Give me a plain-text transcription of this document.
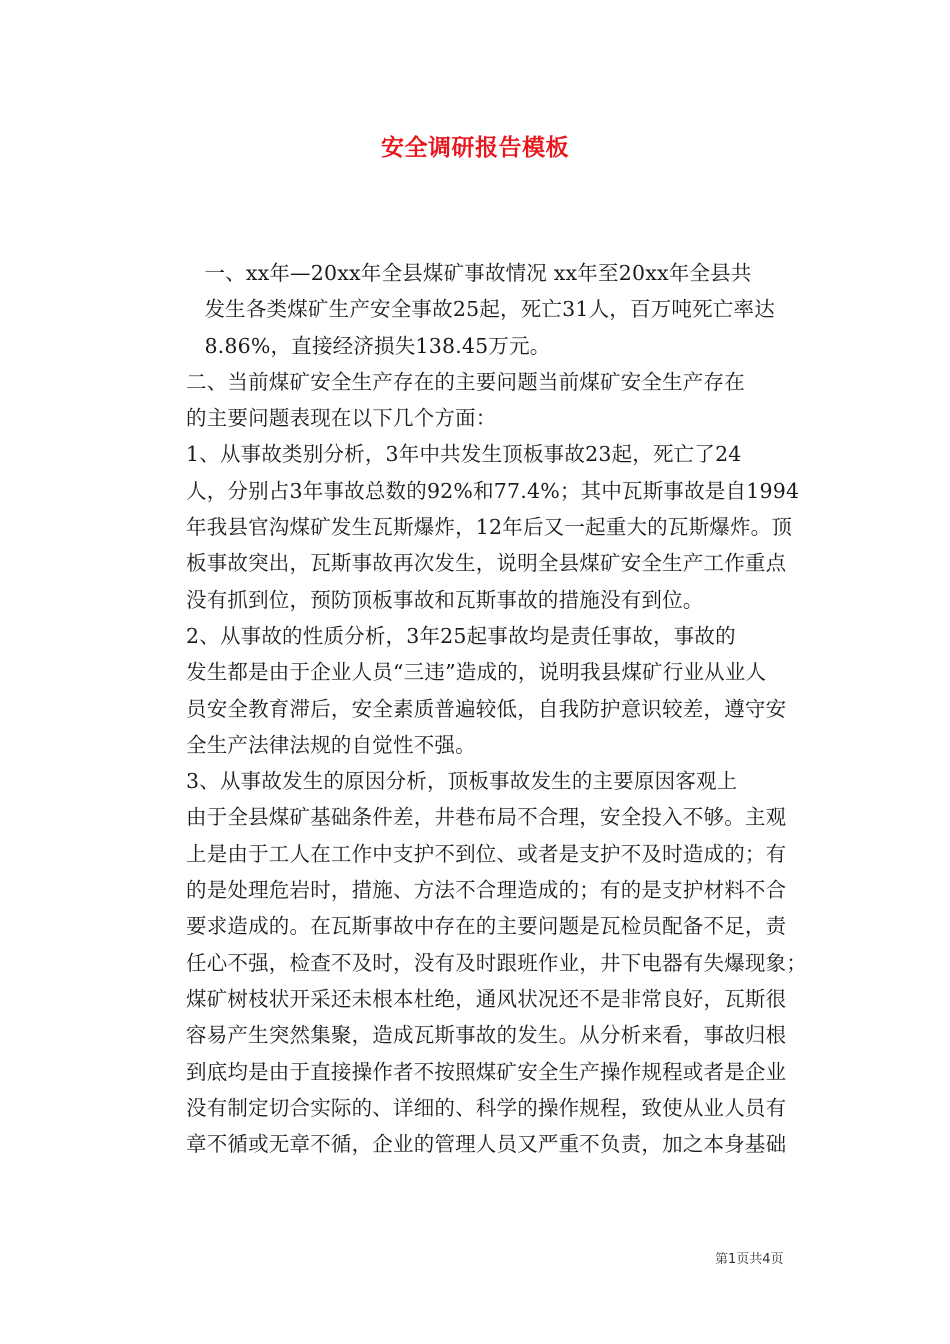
安全调研报告模板

一、xx年—20xx年全县煤矿事故情况 xx年至20xx年全县共
发生各类煤矿生产安全事故25起，死亡31人，百万吨死亡率达
8.86%，直接经济损失138.45万元。

二、当前煤矿安全生产存在的主要问题当前煤矿安全生产存在
的主要问题表现在以下几个方面：

1、从事故类别分析，3年中共发生顶板事故23起，死亡了24
人，分别占3年事故总数的92%和77.4%；其中瓦斯事故是自1994
年我县官沟煤矿发生瓦斯爆炸，12年后又一起重大的瓦斯爆炸。顶
板事故突出，瓦斯事故再次发生，说明全县煤矿安全生产工作重点
没有抓到位，预防顶板事故和瓦斯事故的措施没有到位。

2、从事故的性质分析，3年25起事故均是责任事故，事故的
发生都是由于企业人员“三违”造成的，说明我县煤矿行业从业人
员安全教育滞后，安全素质普遍较低，自我防护意识较差，遵守安
全生产法律法规的自觉性不强。

3、从事故发生的原因分析，顶板事故发生的主要原因客观上
由于全县煤矿基础条件差，井巷布局不合理，安全投入不够。主观
上是由于工人在工作中支护不到位、或者是支护不及时造成的；有
的是处理危岩时，措施、方法不合理造成的；有的是支护材料不合
要求造成的。在瓦斯事故中存在的主要问题是瓦检员配备不足，责
任心不强，检查不及时，没有及时跟班作业，井下电器有失爆现象；
煤矿树枝状开采还未根本杜绝，通风状况还不是非常良好，瓦斯很
容易产生突然集聚，造成瓦斯事故的发生。从分析来看，事故归根
到底均是由于直接操作者不按照煤矿安全生产操作规程或者是企业
没有制定切合实际的、详细的、科学的操作规程，致使从业人员有
章不循或无章不循，企业的管理人员又严重不负责，加之本身基础

第1页共4页
